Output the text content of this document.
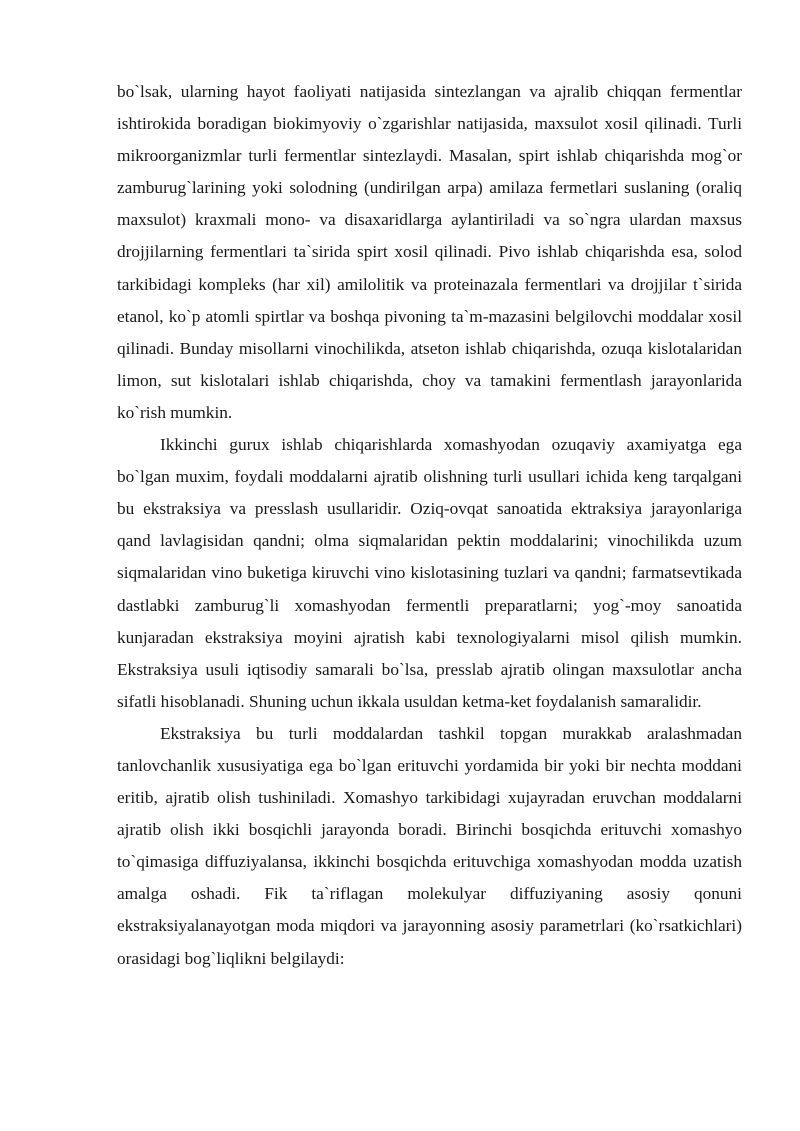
bo`lsak, ularning hayot faoliyati natijasida sintezlangan va ajralib chiqqan fermentlar ishtirokida boradigan biokimyoviy o`zgarishlar natijasida, maxsulot xosil qilinadi. Turli mikroorganizmlar turli fermentlar sintezlaydi. Masalan, spirt ishlab chiqarishda mog`or zamburug`larining yoki solodning (undirilgan arpa) amilaza fermetlari suslaning (oraliq maxsulot) kraxmali mono- va disaxaridlarga aylantiriladi va so`ngra ulardan maxsus drojjilarning fermentlari ta`sirida spirt xosil qilinadi. Pivo ishlab chiqarishda esa, solod tarkibidagi kompleks (har xil) amilolitik va proteinazala fermentlari va drojjilar t`sirida etanol, ko`p atomli spirtlar va boshqa pivoning ta`m-mazasini belgilovchi moddalar xosil qilinadi. Bunday misollarni vinochilikda, atseton ishlab chiqarishda, ozuqa kislotalaridan limon, sut kislotalari ishlab chiqarishda, choy va tamakini fermentlash jarayonlarida ko`rish mumkin.

Ikkinchi gurux ishlab chiqarishlarda xomashyodan ozuqaviy axamiyatga ega bo`lgan muxim, foydali moddalarni ajratib olishning turli usullari ichida keng tarqalgani bu ekstraksiya va presslash usullaridir. Oziq-ovqat sanoatida ektraksiya jarayonlariga qand lavlagisidan qandni; olma siqmalaridan pektin moddalarini; vinochilikda uzum siqmalaridan vino buketiga kiruvchi vino kislotasining tuzlari va qandni; farmatsevtikada dastlabki zamburug`li xomashyodan fermentli preparatlarni; yog`-moy sanoatida kunjaradan ekstraksiya moyini ajratish kabi texnologiyalarni misol qilish mumkin. Ekstraksiya usuli iqtisodiy samarali bo`lsa, presslab ajratib olingan maxsulotlar ancha sifatli hisoblanadi. Shuning uchun ikkala usuldan ketma-ket foydalanish samaralidir.

Ekstraksiya bu turli moddalardan tashkil topgan murakkab aralashmadan tanlovchanlik xususiyatiga ega bo`lgan erituvchi yordamida bir yoki bir nechta moddani eritib, ajratib olish tushiniladi. Xomashyo tarkibidagi xujayradan eruvchan moddalarni ajratib olish ikki bosqichli jarayonda boradi. Birinchi bosqichda erituvchi xomashyo to`qimasiga diffuziyalansa, ikkinchi bosqichda erituvchiga xomashyodan modda uzatish amalga oshadi. Fik ta`riflagan molekulyar diffuziyaning asosiy qonuni ekstraksiyalanayotgan moda miqdori va jarayonning asosiy parametrlari (ko`rsatkichlari) orasidagi bog`liqlikni belgilaydi:
